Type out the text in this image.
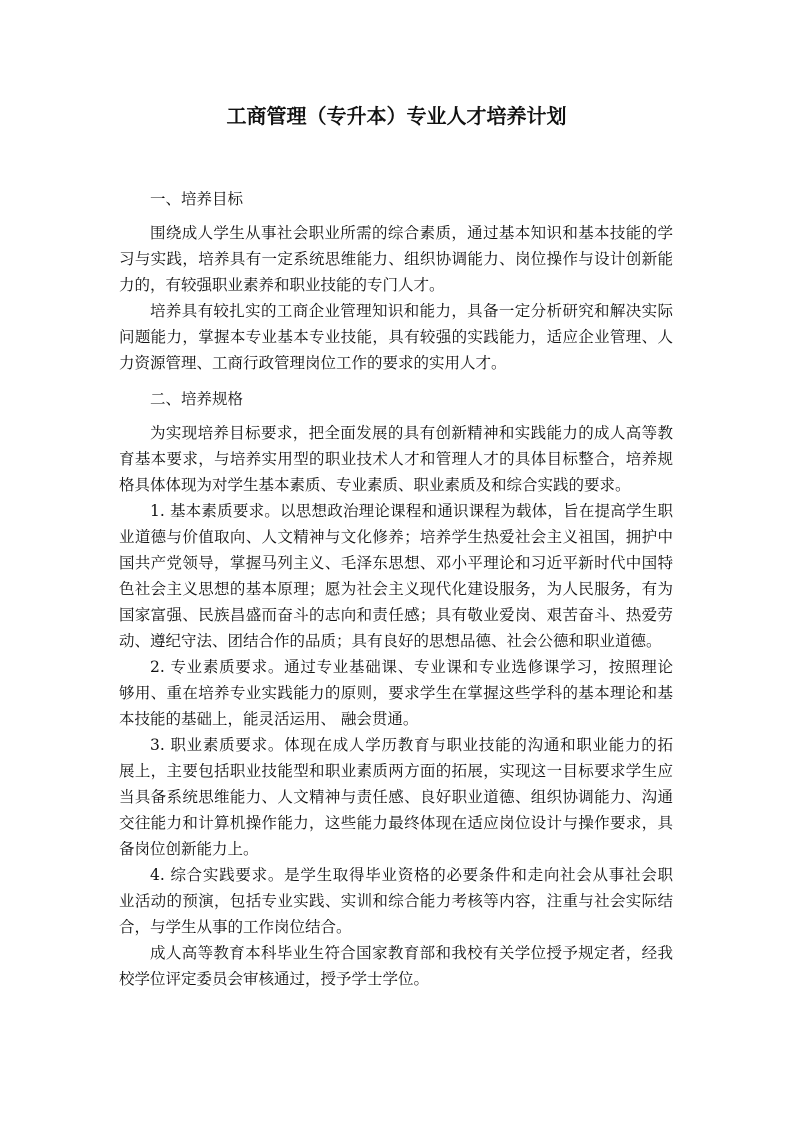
工商管理（专升本）专业人才培养计划
一、培养目标
围绕成人学生从事社会职业所需的综合素质，通过基本知识和基本技能的学
习与实践，培养具有一定系统思维能力、组织协调能力、岗位操作与设计创新能
力的，有较强职业素养和职业技能的专门人才。
培养具有较扎实的工商企业管理知识和能力，具备一定分析研究和解决实际
问题能力，掌握本专业基本专业技能，具有较强的实践能力，适应企业管理、人
力资源管理、工商行政管理岗位工作的要求的实用人才。
二、培养规格
为实现培养目标要求，把全面发展的具有创新精神和实践能力的成人高等教
育基本要求，与培养实用型的职业技术人才和管理人才的具体目标整合，培养规
格具体体现为对学生基本素质、专业素质、职业素质及和综合实践的要求。
1. 基本素质要求。以思想政治理论课程和通识课程为载体，旨在提高学生职
业道德与价值取向、人文精神与文化修养；培养学生热爱社会主义祖国，拥护中
国共产党领导，掌握马列主义、毛泽东思想、邓小平理论和习近平新时代中国特
色社会主义思想的基本原理；愿为社会主义现代化建设服务，为人民服务，有为
国家富强、民族昌盛而奋斗的志向和责任感；具有敬业爱岗、艰苦奋斗、热爱劳
动、遵纪守法、团结合作的品质；具有良好的思想品德、社会公德和职业道德。
2. 专业素质要求。通过专业基础课、专业课和专业选修课学习，按照理论
够用、重在培养专业实践能力的原则，要求学生在掌握这些学科的基本理论和基
本技能的基础上，能灵活运用、 融会贯通。
3. 职业素质要求。体现在成人学历教育与职业技能的沟通和职业能力的拓
展上，主要包括职业技能型和职业素质两方面的拓展，实现这一目标要求学生应
当具备系统思维能力、人文精神与责任感、良好职业道德、组织协调能力、沟通
交往能力和计算机操作能力，这些能力最终体现在适应岗位设计与操作要求，具
备岗位创新能力上。
4. 综合实践要求。是学生取得毕业资格的必要条件和走向社会从事社会职
业活动的预演，包括专业实践、实训和综合能力考核等内容，注重与社会实际结
合，与学生从事的工作岗位结合。
成人高等教育本科毕业生符合国家教育部和我校有关学位授予规定者，经我
校学位评定委员会审核通过，授予学士学位。
